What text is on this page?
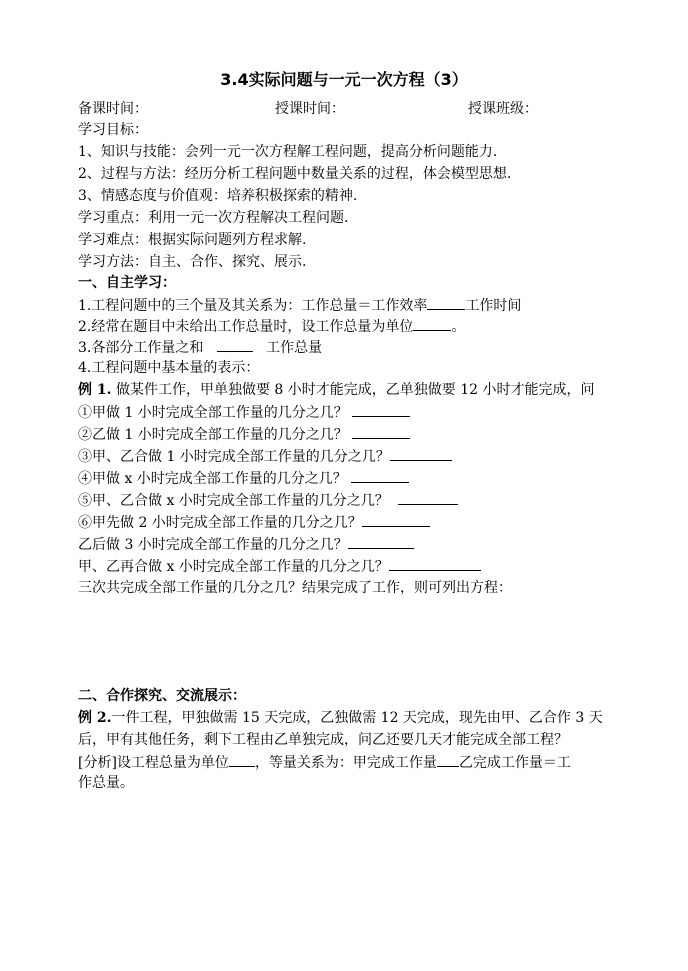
3.4实际问题与一元一次方程（3）
备课时间：	授课时间：	授课班级：
学习目标：
1、知识与技能：会列一元一次方程解工程问题，提高分析问题能力.
2、过程与方法：经历分析工程问题中数量关系的过程，体会模型思想.
3、情感态度与价值观：培养积极探索的精神.
学习重点：利用一元一次方程解决工程问题.
学习难点：根据实际问题列方程求解.
学习方法：自主、合作、探究、展示.
一、自主学习：
1.工程问题中的三个量及其关系为：工作总量＝工作效率	工作时间
2.经常在题目中未给出工作总量时，设工作总量为单位	。
3.各部分工作量之和	工作总量
4.工程问题中基本量的表示：
例 1. 做某件工作，甲单独做要 8 小时才能完成，乙单独做要 12 小时才能完成，问
①甲做 1 小时完成全部工作量的几分之几？
②乙做 1 小时完成全部工作量的几分之几？
③甲、乙合做 1 小时完成全部工作量的几分之几？
④甲做 x 小时完成全部工作量的几分之几？
⑤甲、乙合做 x 小时完成全部工作量的几分之几？
⑥甲先做 2 小时完成全部工作量的几分之几？
乙后做 3 小时完成全部工作量的几分之几？
甲、乙再合做 x 小时完成全部工作量的几分之几？
三次共完成全部工作量的几分之几？结果完成了工作，则可列出方程：
二、合作探究、交流展示：
例 2.一件工程，甲独做需 15 天完成，乙独做需 12 天完成，现先由甲、乙合作 3 天
后，甲有其他任务，剩下工程由乙单独完成，问乙还要几天才能完成全部工程？
[分析]设工程总量为单位 ，等量关系为：甲完成工作量 乙完成工作量＝工
作总量。
